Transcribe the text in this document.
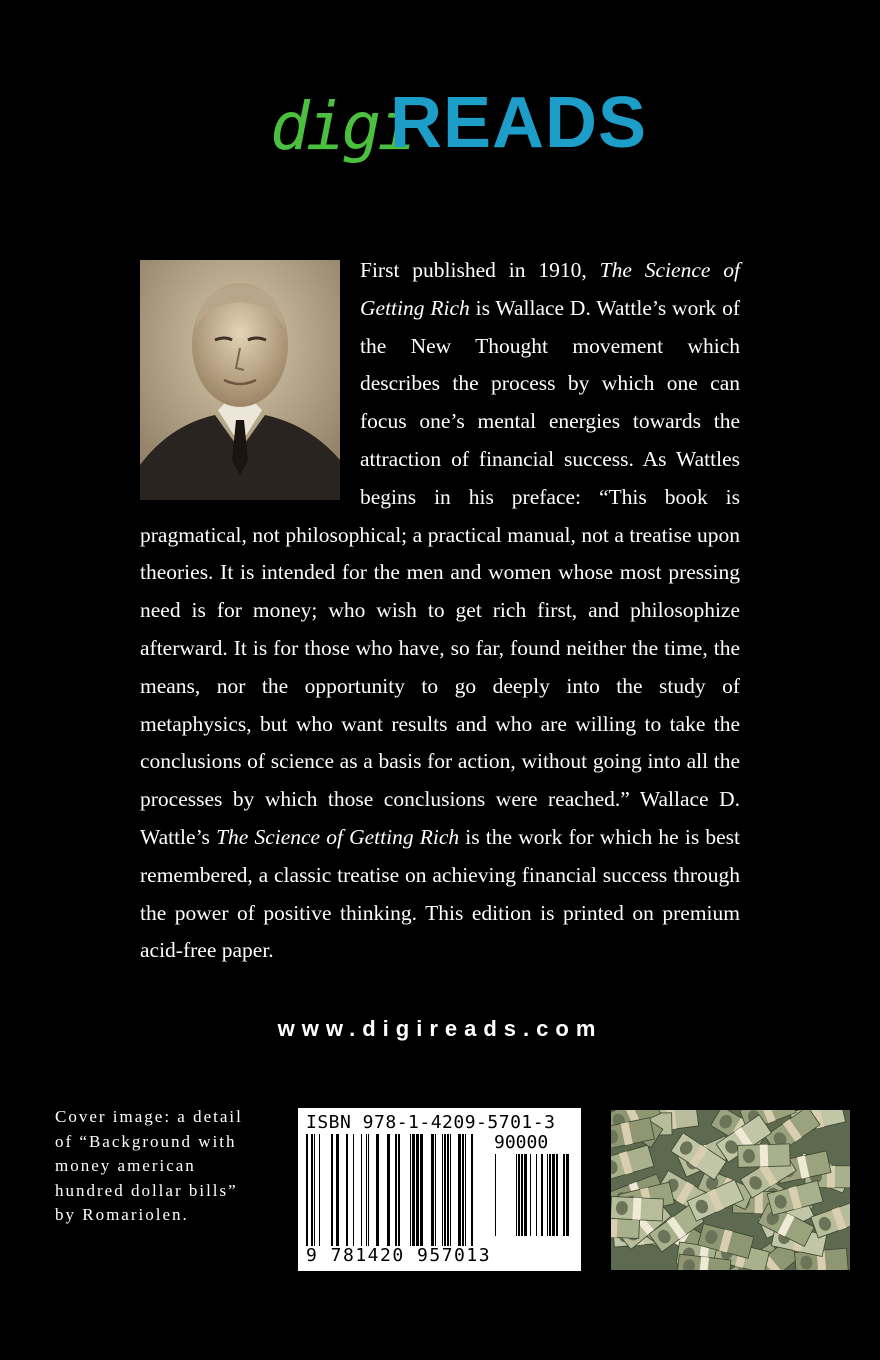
digi
READS
First published in 1910, The Science of Getting Rich is Wallace D. Wattle’s work of the New Thought movement which describes the process by which one can focus one’s mental energies towards the attraction of financial success. As Wattles begins in his preface: “This book is pragmatical, not philosophical; a practical manual, not a treatise upon theories. It is intended for the men and women whose most pressing need is for money; who wish to get rich first, and philosophize afterward. It is for those who have, so far, found neither the time, the means, nor the opportunity to go deeply into the study of metaphysics, but who want results and who are willing to take the conclusions of science as a basis for action, without going into all the processes by which those conclusions were reached.” Wallace D. Wattle’s The Science of Getting Rich is the work for which he is best remembered, a classic treatise on achieving financial success through the power of positive thinking. This edition is printed on premium acid-free paper.
www.digireads.com
Cover image: a detail of “Background with money american hundred dollar bills” by Romariolen.
ISBN 978-1-4209-5701-3
90000
9 781420 957013
